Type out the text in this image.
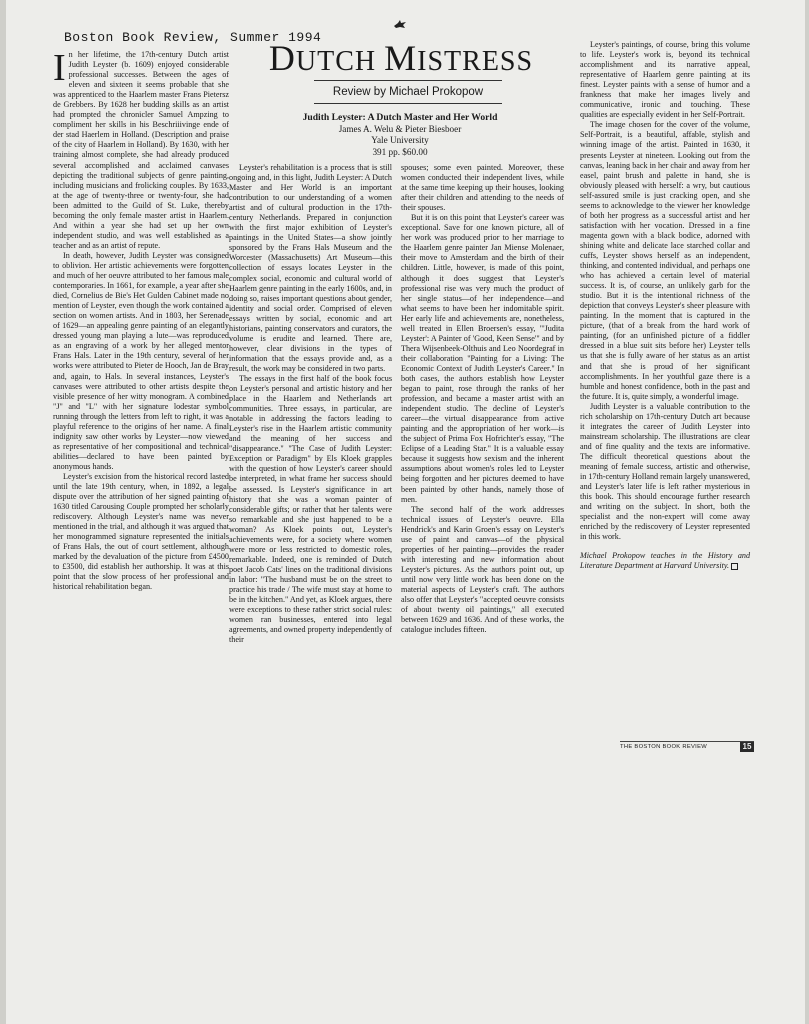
Boston Book Review, Summer 1994
DUTCH MISTRESS
Review by Michael Prokopow
Judith Leyster: A Dutch Master and Her World
James A. Welu & Pieter Biesboer
Yale University
391 pp. $60.00
I n her lifetime, the 17th-century Dutch artist Judith Leyster (b. 1609) enjoyed considerable professional successes. Between the ages of eleven and sixteen it seems probable that she was apprenticed to the Haarlem master Frans Pietersz de Grebbers. By 1628 her budding skills as an artist had prompted the chronicler Samuel Ampzing to compliment her skills in his Beschriiivinge ende of der stad Haerlem in Holland. (Description and praise of the city of Haarlem in Holland). By 1630, with her training almost complete, she had already produced several accomplished and acclaimed canvases depicting the traditional subjects of genre painting, including musicians and frolicking couples. By 1633, at the age of twenty-three or twenty-four, she had been admitted to the Guild of St. Luke, thereby becoming the only female master artist in Haarlem. And within a year she had set up her own independent studio, and was well established as a teacher and as an artist of repute.

In death, however, Judith Leyster was consigned to oblivion. Her artistic achievements were forgotten and much of her oeuvre attributed to her famous male contemporaries. In 1661, for example, a year after she died, Cornelius de Bie's Het Gulden Cabinet made no mention of Leyster, even though the work contained a section on women artists. And in 1803, her Serenade of 1629—an appealing genre painting of an elegantly dressed young man playing a lute—was reproduced as an engraving of a work by her alleged mentor Frans Hals. Later in the 19th century, several of her works were attributed to Pieter de Hooch, Jan de Bray and, again, to Hals. In several instances, Leyster's canvases were attributed to other artists despite the visible presence of her witty monogram. A combined "J" and "L" with her signature lodestar symbol running through the letters from left to right, it was a playful reference to the origins of her name. A final indignity saw other works by Leyster—now viewed as representative of her compositional and technical abilities—declared to have been painted by anonymous hands.

Leyster's excision from the historical record lasted until the late 19th century, when, in 1892, a legal dispute over the attribution of her signed painting of 1630 titled Carousing Couple prompted her scholarly rediscovery. Although Leyster's name was never mentioned in the trial, and although it was argued that her monogrammed signature represented the initials of Frans Hals, the out of court settlement, although marked by the devaluation of the picture from £4500 to £3500, did establish her authorship. It was at this point that the slow process of her professional and historical rehabilitation began.

Leyster's rehabilitation is a process that is still ongoing and, in this light, Judith Leyster: A Dutch Master and Her World is an important contribution to our understanding of a women artist and of cultural production in the 17th-century Netherlands. Prepared in conjunction with the first major exhibition of Leyster's paintings in the United States—a show jointly sponsored by the Frans Hals Museum and the Worcester (Massachusetts) Art Museum—this collection of essays locates Leyster in the complex social, economic and cultural world of Haarlem genre painting in the early 1600s, and, in doing so, raises important questions about gender, identity and social order. Comprised of eleven essays written by social, economic and art historians, painting conservators and curators, the volume is erudite and learned. There are, however, clear divisions in the types of information that the essays provide and, as a result, the work may be considered in two parts.

The essays in the first half of the book focus on Leyster's personal and artistic history and her place in the Haarlem and Netherlands art communities. Three essays, in particular, are notable in addressing the factors leading to Leyster's rise in the Haarlem artistic community and the meaning of her success and "disappearance." "The Case of Judith Leyster: Exception or Paradigm" by Els Kloek grapples with the question of how Leyster's career should be interpreted, in what frame her success should be assessed. Is Leyster's significance in art history that she was a woman painter of considerable gifts; or rather that her talents were so remarkable and she just happened to be a woman? As Kloek points out, Leyster's achievements were, for a society where women were more or less restricted to domestic roles, remarkable. Indeed, one is reminded of Dutch poet Jacob Cats' lines on the traditional divisions in labor: "The husband must be on the street to practice his trade / The wife must stay at home to be in the kitchen." And yet, as Kloek argues, there were exceptions to these rather strict social rules: women ran businesses, entered into legal agreements, and owned property independently of their

spouses; some even painted. Moreover, these women conducted their independent lives, while at the same time keeping up their houses, looking after their children and attending to the needs of their spouses.

But it is on this point that Leyster's career was exceptional. Save for one known picture, all of her work was produced prior to her marriage to the Haarlem genre painter Jan Miense Molenaer, their move to Amsterdam and the birth of their children. Little, however, is made of this point, although it does suggest that Leyster's professional rise was very much the product of her single status—of her independence—and what seems to have been her indomitable spirit. Her early life and achievements are, nonetheless, well treated in Ellen Broersen's essay, "'Judita Leyster': A Painter of 'Good, Keen Sense'" and by Thera Wijsenbeek-Olthuis and Leo Noordegraf in their collaboration "Painting for a Living: The Economic Context of Judith Leyster's Career." In both cases, the authors establish how Leyster began to paint, rose through the ranks of her profession, and became a master artist with an independent studio. The decline of Leyster's career—the virtual disappearance from active painting and the appropriation of her work—is the subject of Prima Fox Hofrichter's essay, "The Eclipse of a Leading Star." It is a valuable essay because it suggests how sexism and the inherent assumptions about women's roles led to Leyster being forgotten and her pictures deemed to have been painted by other hands, namely those of men.

The second half of the work addresses technical issues of Leyster's oeuvre. Ella Hendrick's and Karin Groen's essay on Leyster's use of paint and canvas—of the physical properties of her painting—provides the reader with interesting and new information about Leyster's pictures. As the authors point out, up until now very little work has been done on the material aspects of Leyster's craft. The authors also offer that Leyster's "accepted oeuvre consists of about twenty oil paintings," all executed between 1629 and 1636. And of these works, the catalogue includes fifteen.

Leyster's paintings, of course, bring this volume to life. Leyster's work is, beyond its technical accomplishment and its narrative appeal, representative of Haarlem genre painting at its finest. Leyster paints with a sense of humor and a frankness that make her images lively and communicative, ironic and touching. These qualities are especially evident in her Self-Portrait.

The image chosen for the cover of the volume, Self-Portrait, is a beautiful, affable, stylish and winning image of the artist. Painted in 1630, it presents Leyster at nineteen. Looking out from the canvas, leaning back in her chair and away from her easel, paint brush and palette in hand, she is obviously pleased with herself: a wry, but cautious self-assured smile is just cracking open, and she seems to acknowledge to the viewer her knowledge of both her progress as a successful artist and her satisfaction with her vocation. Dressed in a fine magenta gown with a black bodice, adorned with shining white and delicate lace starched collar and cuffs, Leyster shows herself as an independent, thinking, and contented individual, and perhaps one who has achieved a certain level of material success. It is, of course, an unlikely garb for the studio. But it is the intentional richness of the depiction that conveys Leyster's sheer pleasure with painting. In the moment that is captured in the picture, (that of a break from the hard work of painting, (for an unfinished picture of a fiddler dressed in a blue suit sits before her) Leyster tells us that she is fully aware of her status as an artist and that she is proud of her significant accomplishments. In her youthful gaze there is a humble and honest confidence, both in the past and the future. It is, quite simply, a wonderful image.

Judith Leyster is a valuable contribution to the rich scholarship on 17th-century Dutch art because it integrates the career of Judith Leyster into mainstream scholarship. The illustrations are clear and of fine quality and the texts are informative. The difficult theoretical questions about the meaning of female success, artistic and otherwise, in 17th-century Holland remain largely unanswered, and Leyster's later life is left rather mysterious in this book. This should encourage further research and writing on the subject. In short, both the specialist and the non-expert will come away enriched by the rediscovery of Leyster represented in this work.

Michael Prokopow teaches in the History and Literature Department at Harvard University.

THE BOSTON BOOK REVIEW	15
